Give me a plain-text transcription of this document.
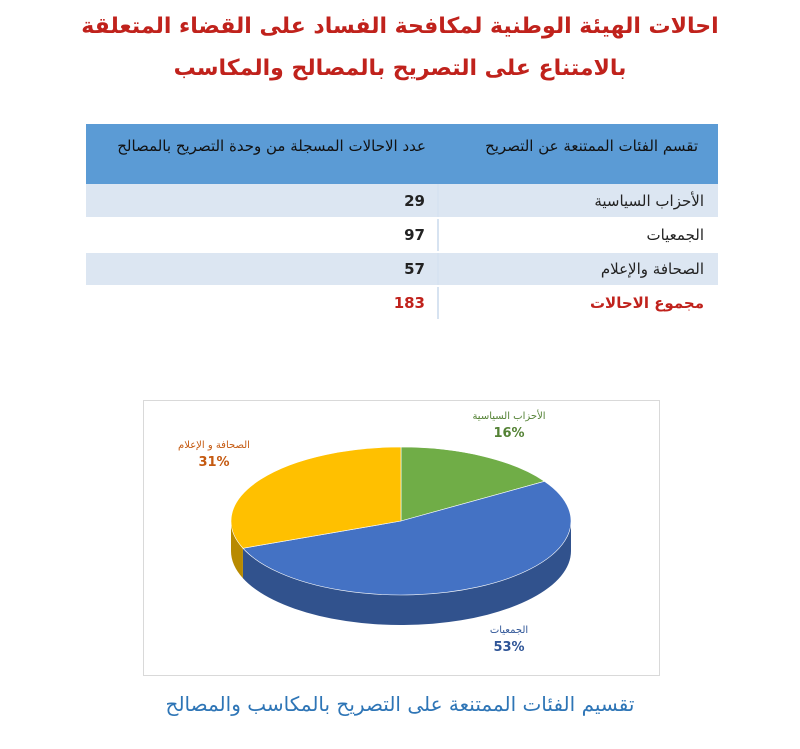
احالات الهيئة الوطنية لمكافحة الفساد على القضاء المتعلقة
بالامتناع على التصريح بالمصالح والمكاسب
تقسم الفئات الممتنعة عن التصريح	عدد الاحالات المسجلة من وحدة التصريح بالمصالح
الأحزاب السياسية	29
الجمعيات	97
الصحافة والإعلام	57
مجموع الاحالات	183
الأحزاب السياسية
16%
الجمعيات
53%
الصحافة و الإعلام
31%
تقسيم الفئات الممتنعة على التصريح بالمكاسب والمصالح
